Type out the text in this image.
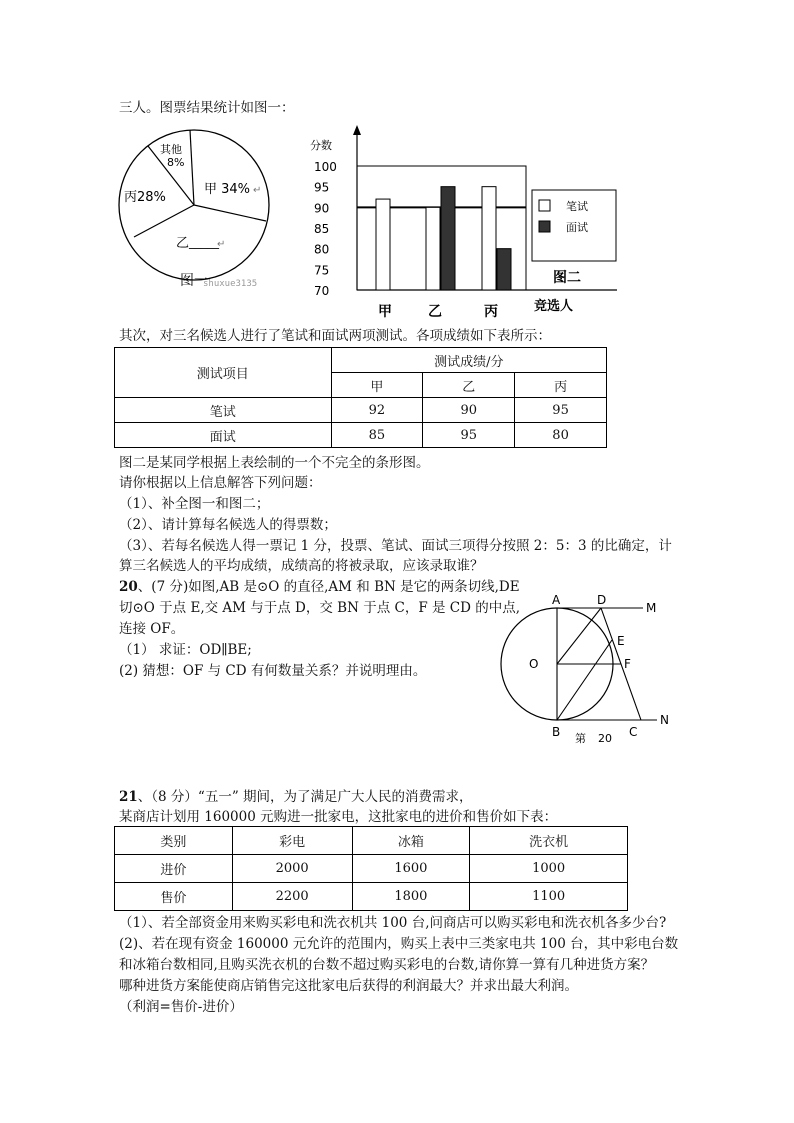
三人。图票结果统计如图一：
其他
8%
丙28%
甲 34% ↵
乙 _____
↵
图一
shuxue3135
100
95
90
85
80
75
70
分数
甲	乙	丙	竞选人
笔试
面试
图二
其次，对三名候选人进行了笔试和面试两项测试。各项成绩如下表所示：
测试项目	测试成绩/分		
	甲	乙	丙
笔试	92	90	95
面试	85	95	80
图二是某同学根据上表绘制的一个不完全的条形图。
请你根据以上信息解答下列问题：
（1）、补全图一和图二；
（2）、请计算每名候选人的得票数；
（3）、若每名候选人得一票记 1 分，投票、笔试、面试三项得分按照 2：5：3 的比确定，计
算三名候选人的平均成绩，成绩高的将被录取，应该录取谁？
20、(7 分)如图,AB 是⊙O 的直径,AM 和 BN 是它的两条切线,DE
切⊙O 于点 E,交 AM 与于点 D，交 BN 于点 C，F 是 CD 的中点,
连接 OF。
（1） 求证：OD∥BE;
(2) 猜想：OF 与 CD 有何数量关系？并说明理由。
A	D
M
E
O	F
B	C
N
第 20
21、（8 分）“五一” 期间，为了满足广大人民的消费需求，
某商店计划用 160000 元购进一批家电，这批家电的进价和售价如下表：
类别	彩电	冰箱	洗衣机
进价	2000	1600	1000
售价	2200	1800	1100
（1）、若全部资金用来购买彩电和洗衣机共 100 台,问商店可以购买彩电和洗衣机各多少台?
(2)、若在现有资金 160000 元允许的范围内，购买上表中三类家电共 100 台，其中彩电台数
和冰箱台数相同,且购买洗衣机的台数不超过购买彩电的台数,请你算一算有几种进货方案？
哪种进货方案能使商店销售完这批家电后获得的利润最大？并求出最大利润。
（利润=售价-进价）
